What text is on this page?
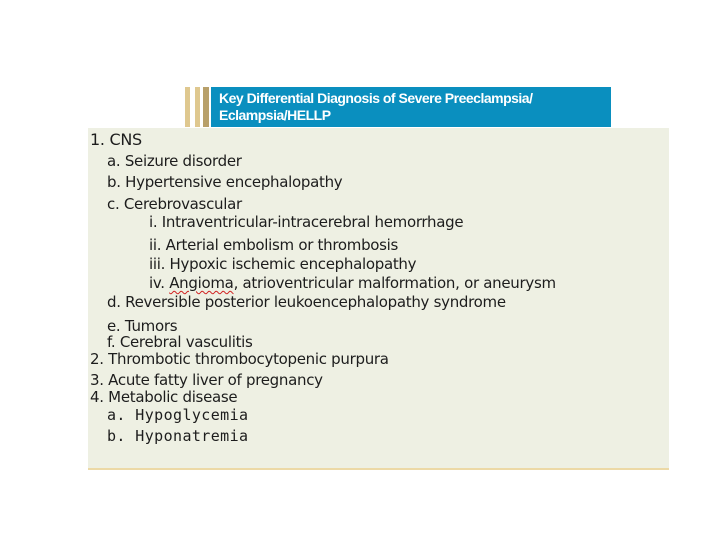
Key Differential Diagnosis of Severe Preeclampsia/
Eclampsia/HELLP
1. CNS
a. Seizure disorder
b. Hypertensive encephalopathy
c. Cerebrovascular
i. Intraventricular-intracerebral hemorrhage
ii. Arterial embolism or thrombosis
iii. Hypoxic ischemic encephalopathy
iv. Angioma, atrioventricular malformation, or aneurysm
d. Reversible posterior leukoencephalopathy syndrome
e. Tumors
f. Cerebral vasculitis
2. Thrombotic thrombocytopenic purpura
3. Acute fatty liver of pregnancy
4. Metabolic disease
a. Hypoglycemia
b. Hyponatremia
